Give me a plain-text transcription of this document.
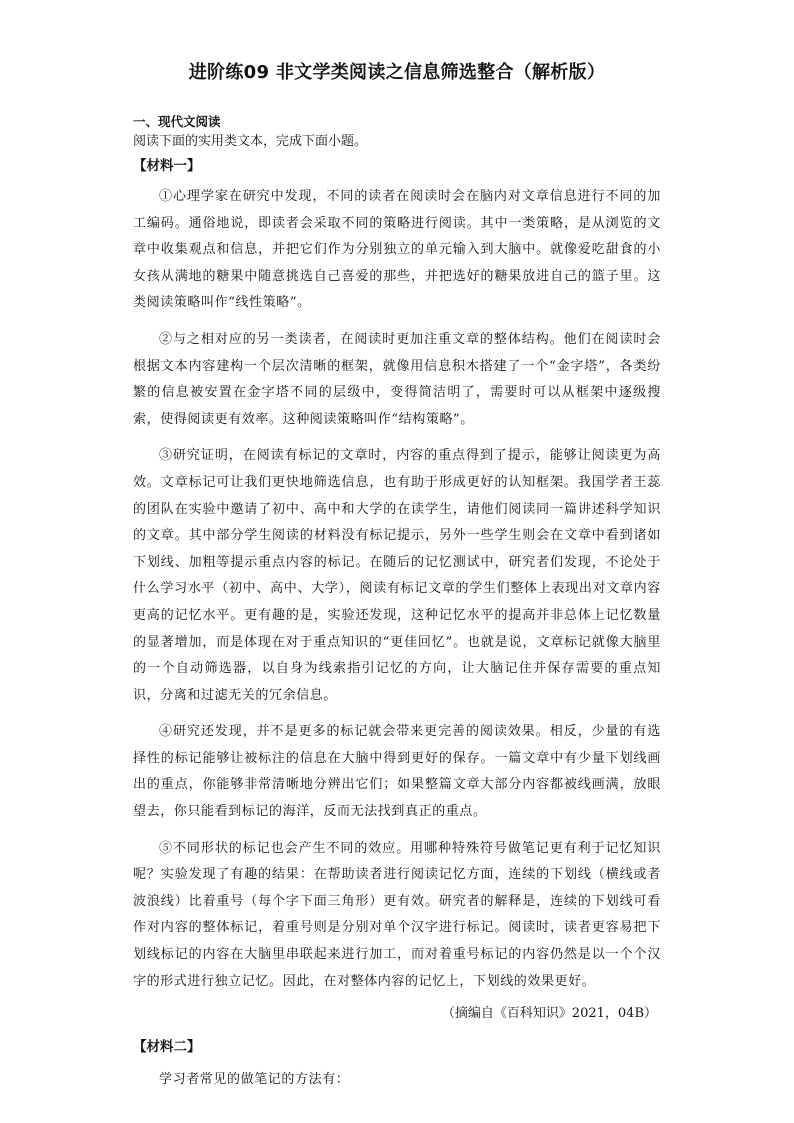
进阶练09 非文学类阅读之信息筛选整合（解析版）
一、现代文阅读
阅读下面的实用类文本，完成下面小题。
【材料一】

①心理学家在研究中发现，不同的读者在阅读时会在脑内对文章信息进行不同的加工编码。通俗地说，即读者会采取不同的策略进行阅读。其中一类策略，是从浏览的文章中收集观点和信息，并把它们作为分别独立的单元输入到大脑中。就像爱吃甜食的小女孩从满地的糖果中随意挑选自己喜爱的那些，并把选好的糖果放进自己的篮子里。这类阅读策略叫作“线性策略”。

②与之相对应的另一类读者，在阅读时更加注重文章的整体结构。他们在阅读时会根据文本内容建构一个层次清晰的框架，就像用信息积木搭建了一个“金字塔”，各类纷繁的信息被安置在金字塔不同的层级中，变得简洁明了，需要时可以从框架中逐级搜索，使得阅读更有效率。这种阅读策略叫作“结构策略”。

③研究证明，在阅读有标记的文章时，内容的重点得到了提示，能够让阅读更为高效。文章标记可让我们更快地筛选信息，也有助于形成更好的认知框架。我国学者王蕊的团队在实验中邀请了初中、高中和大学的在读学生，请他们阅读同一篇讲述科学知识的文章。其中部分学生阅读的材料没有标记提示，另外一些学生则会在文章中看到诸如下划线、加粗等提示重点内容的标记。在随后的记忆测试中，研究者们发现，不论处于什么学习水平（初中、高中、大学），阅读有标记文章的学生们整体上表现出对文章内容更高的记忆水平。更有趣的是，实验还发现，这种记忆水平的提高并非总体上记忆数量的显著增加，而是体现在对于重点知识的“更佳回忆”。也就是说，文章标记就像大脑里的一个自动筛选器，以自身为线索指引记忆的方向，让大脑记住并保存需要的重点知识，分离和过滤无关的冗余信息。

④研究还发现，并不是更多的标记就会带来更完善的阅读效果。相反，少量的有选择性的标记能够让被标注的信息在大脑中得到更好的保存。一篇文章中有少量下划线画出的重点，你能够非常清晰地分辨出它们；如果整篇文章大部分内容都被线画满，放眼望去，你只能看到标记的海洋，反而无法找到真正的重点。

⑤不同形状的标记也会产生不同的效应。用哪种特殊符号做笔记更有利于记忆知识呢？实验发现了有趣的结果：在帮助读者进行阅读记忆方面，连续的下划线（横线或者波浪线）比着重号（每个字下面三角形）更有效。研究者的解释是，连续的下划线可看作对内容的整体标记，着重号则是分别对单个汉字进行标记。阅读时，读者更容易把下划线标记的内容在大脑里串联起来进行加工，而对着重号标记的内容仍然是以一个个汉字的形式进行独立记忆。因此，在对整体内容的记忆上，下划线的效果更好。

（摘编自《百科知识》2021，04B）
【材料二】

学习者常见的做笔记的方法有：
